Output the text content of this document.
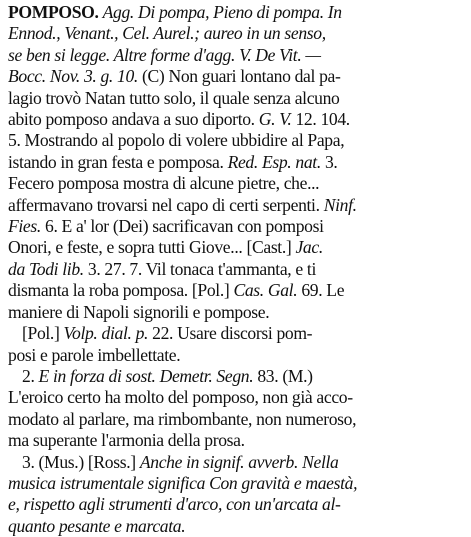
POMPOSO. Agg. Di pompa, Pieno di pompa. In
Ennod., Venant., Cel. Aurel.; aureo in un senso,
se ben si legge. Altre forme d'agg. V. De Vit. —
Bocc. Nov. 3. g. 10. (C) Non guari lontano dal pa-
lagio trovò Natan tutto solo, il quale senza alcuno
abito pomposo andava a suo diporto. G. V. 12. 104.
5. Mostrando al popolo di volere ubbidire al Papa,
istando in gran festa e pomposa. Red. Esp. nat. 3.
Fecero pomposa mostra di alcune pietre, che...
affermavano trovarsi nel capo di certi serpenti. Ninf.
Fies. 6. E a' lor (Dei) sacrificavan con pomposi
Onori, e feste, e sopra tutti Giove... [Cast.] Jac.
da Todi lib. 3. 27. 7. Vil tonaca t'ammanta, e ti
dismanta la roba pomposa. [Pol.] Cas. Gal. 69. Le
maniere di Napoli signorili e pompose.
[Pol.] Volp. dial. p. 22. Usare discorsi pom-
posi e parole imbellettate.
2. E in forza di sost. Demetr. Segn. 83. (M.)
L'eroico certo ha molto del pomposo, non già acco-
modato al parlare, ma rimbombante, non numeroso,
ma superante l'armonia della prosa.
3. (Mus.) [Ross.] Anche in signif. avverb. Nella
musica istrumentale significa Con gravità e maestà,
e, rispetto agli strumenti d'arco, con un'arcata al-
quanto pesante e marcata.
